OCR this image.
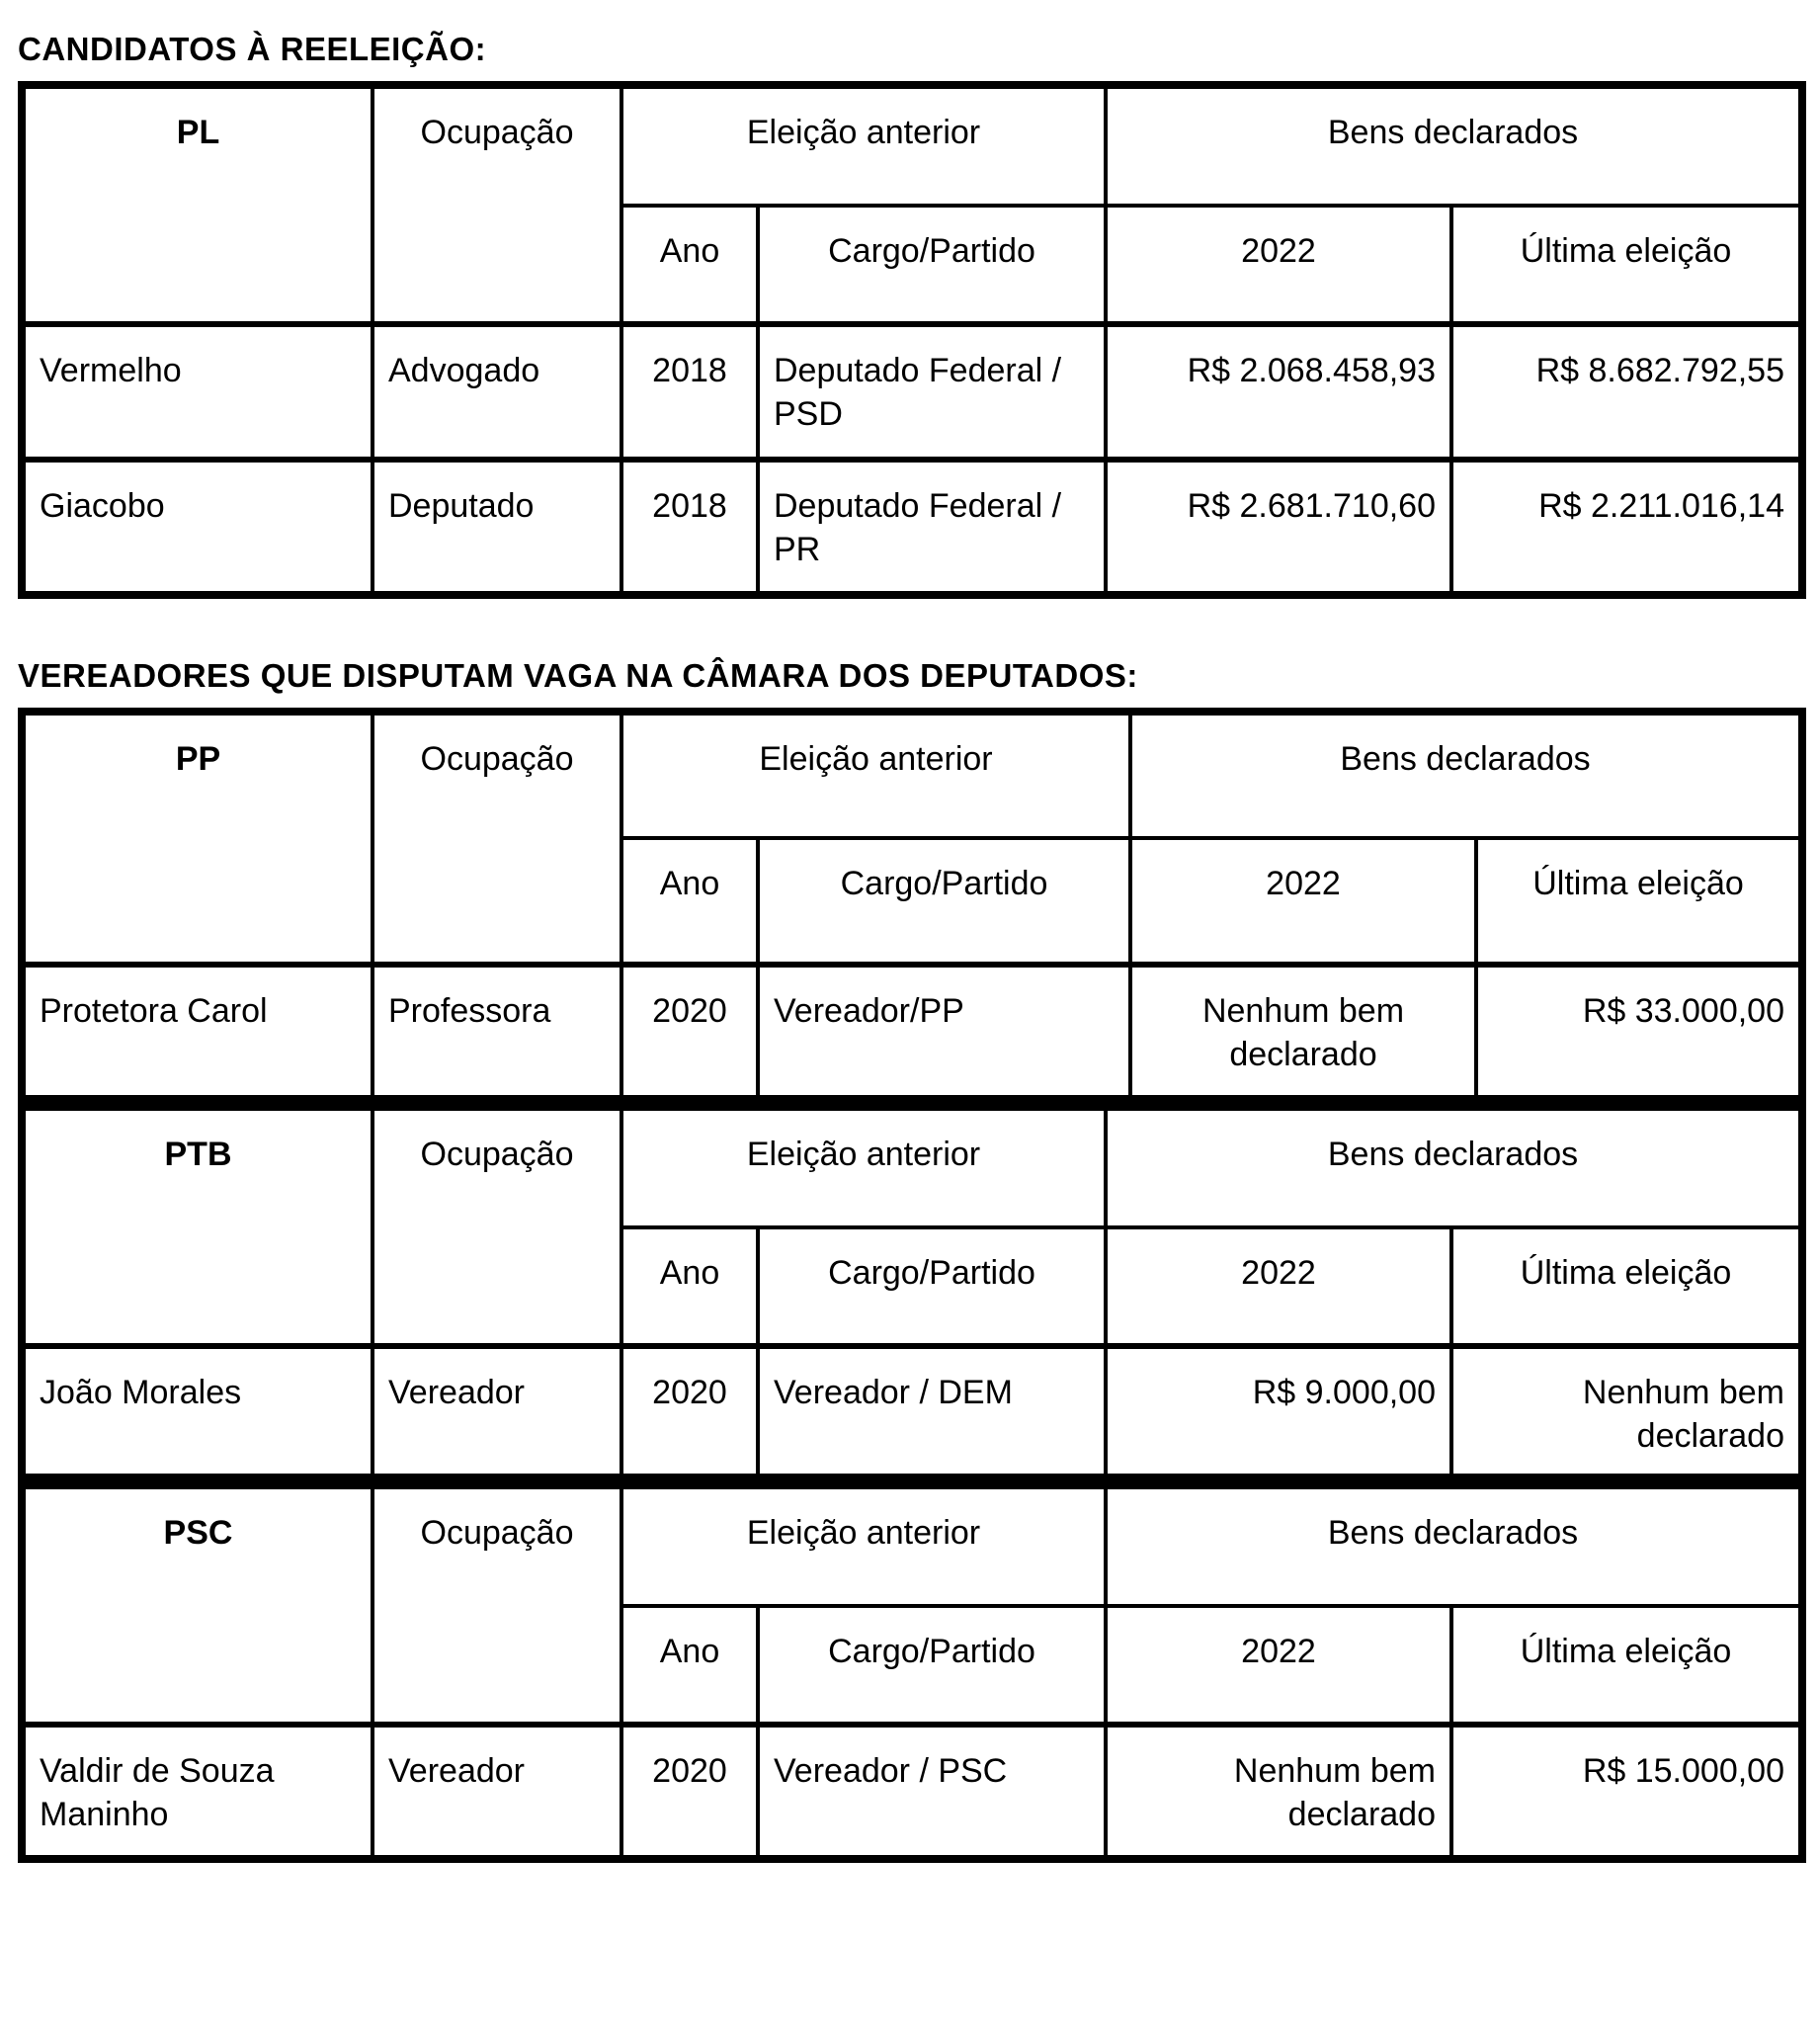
CANDIDATOS À REELEIÇÃO:
PL	Ocupação	Eleição anterior		Bens declarados	
		Ano	Cargo/Partido	2022	Última eleição
Vermelho	Advogado	2018	Deputado Federal / PSD	R$ 2.068.458,93	R$ 8.682.792,55
Giacobo	Deputado	2018	Deputado Federal / PR	R$ 2.681.710,60	R$ 2.211.016,14
VEREADORES QUE DISPUTAM VAGA NA CÂMARA DOS DEPUTADOS:
PP	Ocupação	Eleição anterior		Bens declarados	
		Ano	Cargo/Partido	2022	Última eleição
Protetora Carol	Professora	2020	Vereador/PP	Nenhum bem declarado	R$ 33.000,00
PTB	Ocupação	Eleição anterior		Bens declarados	
		Ano	Cargo/Partido	2022	Última eleição
João Morales	Vereador	2020	Vereador / DEM	R$ 9.000,00	Nenhum bem declarado
PSC	Ocupação	Eleição anterior		Bens declarados	
		Ano	Cargo/Partido	2022	Última eleição
Valdir de Souza Maninho	Vereador	2020	Vereador / PSC	Nenhum bem declarado	R$ 15.000,00
